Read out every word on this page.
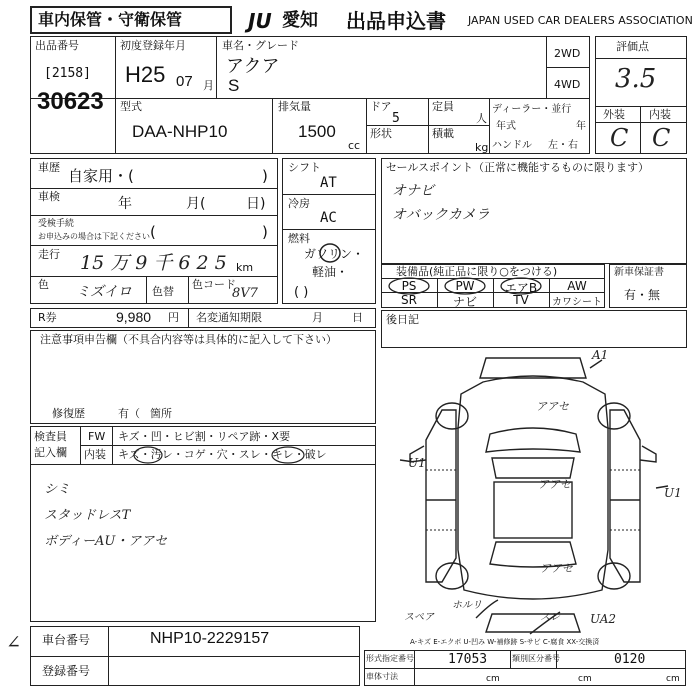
車内保管・守衛保管	JU 愛知 出品申込書 JAPAN USED CAR DEALERS ASSOCIATION
出品番号
[2158]
30623
初度登録年月
H25 07 月
車名・グレード
アクア
S
2WD
4WD
型式
DAA-NHP10
排気量
1500
cc
ドア
5
定員
人
形状	積載
kg
ディーラー・並行
年式	年
ハンドル 左・右
評価点
3.5
外装 内装
C C
車歴 自家用・(	)
車検	年	月(	日)
受検手続
お申込みの場合は下記ください (	)
走行 15 万 9 千 6 2 5 km
色 ミズイロ 色替
色コード
8V7
シフト
AT
冷房
AC
燃料
ガソリン・
軽油・
( )
セールスポイント（正常に機能するものに限ります）
オナビ
オバックカメラ
装備品(純正品に限り○をつける)
PS	PW	エアB	AW
SR	ナビ	TV	カワシート
新車保証書
有・無
R券	9,980 円 名変通知期限	月	日 後日記
注意事項申告欄（不具合内容等は具体的に記入して下さい）
修復歴	有（ 箇所
検査員
記入欄
FW キズ・凹・ヒビ割・リペア跡・X要
内装 キズ・汚レ・コゲ・穴・スレ・キレ・破レ
シミ
スタッドレスT
ボディーAU・アアセ
A1
アアセ
U1
アアセ
U1
アアセ
スペア
ホルリ
スレ	UA2
A-キズ E-エクボ U-凹み W-補修跡 S-サビ C-腐食 XX-交換済
車台番号	NHP10-2229157
登録番号
∠
形式指定番号	17053	類別区分番号	0120
車体寸法	cm	cm	cm
